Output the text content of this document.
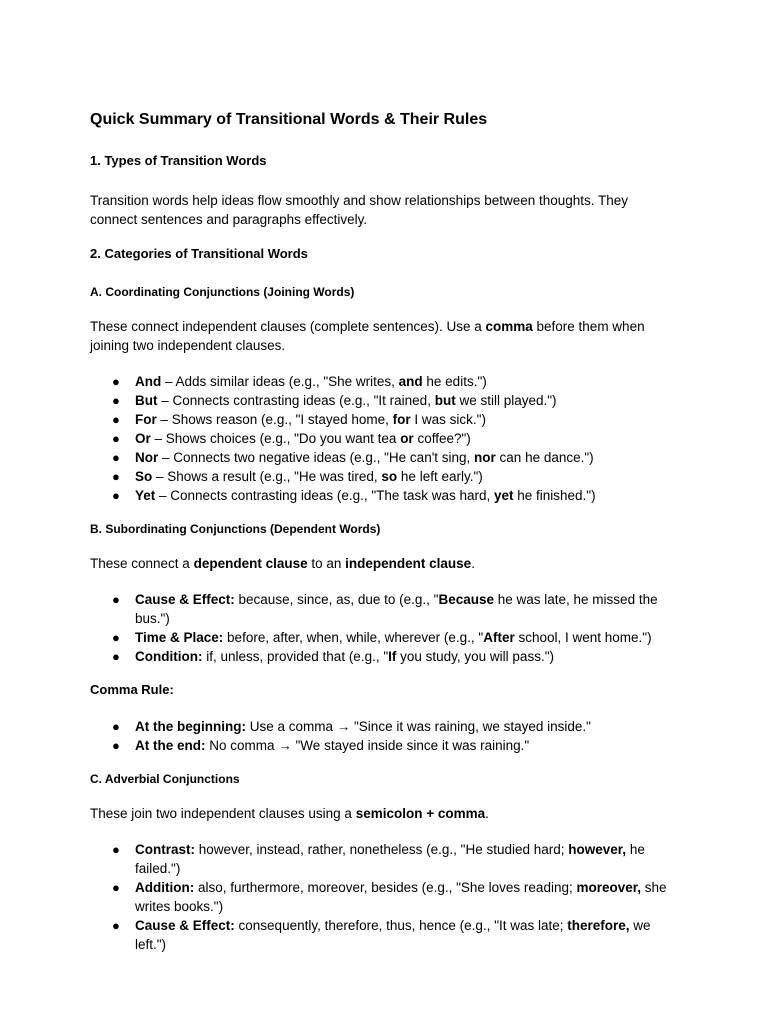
Quick Summary of Transitional Words & Their Rules
1. Types of Transition Words
Transition words help ideas flow smoothly and show relationships between thoughts. They connect sentences and paragraphs effectively.
2. Categories of Transitional Words
A. Coordinating Conjunctions (Joining Words)
These connect independent clauses (complete sentences). Use a comma before them when joining two independent clauses.
● And – Adds similar ideas (e.g., "She writes, and he edits.")
● But – Connects contrasting ideas (e.g., "It rained, but we still played.")
● For – Shows reason (e.g., "I stayed home, for I was sick.")
● Or – Shows choices (e.g., "Do you want tea or coffee?")
● Nor – Connects two negative ideas (e.g., "He can't sing, nor can he dance.")
● So – Shows a result (e.g., "He was tired, so he left early.")
● Yet – Connects contrasting ideas (e.g., "The task was hard, yet he finished.")
B. Subordinating Conjunctions (Dependent Words)
These connect a dependent clause to an independent clause.
● Cause & Effect: because, since, as, due to (e.g., "Because he was late, he missed the bus.")
● Time & Place: before, after, when, while, wherever (e.g., "After school, I went home.")
● Condition: if, unless, provided that (e.g., "If you study, you will pass.")
Comma Rule:
● At the beginning: Use a comma → "Since it was raining, we stayed inside."
● At the end: No comma → "We stayed inside since it was raining."
C. Adverbial Conjunctions
These join two independent clauses using a semicolon + comma.
● Contrast: however, instead, rather, nonetheless (e.g., "He studied hard; however, he failed.")
● Addition: also, furthermore, moreover, besides (e.g., "She loves reading; moreover, she writes books.")
● Cause & Effect: consequently, therefore, thus, hence (e.g., "It was late; therefore, we left.")
